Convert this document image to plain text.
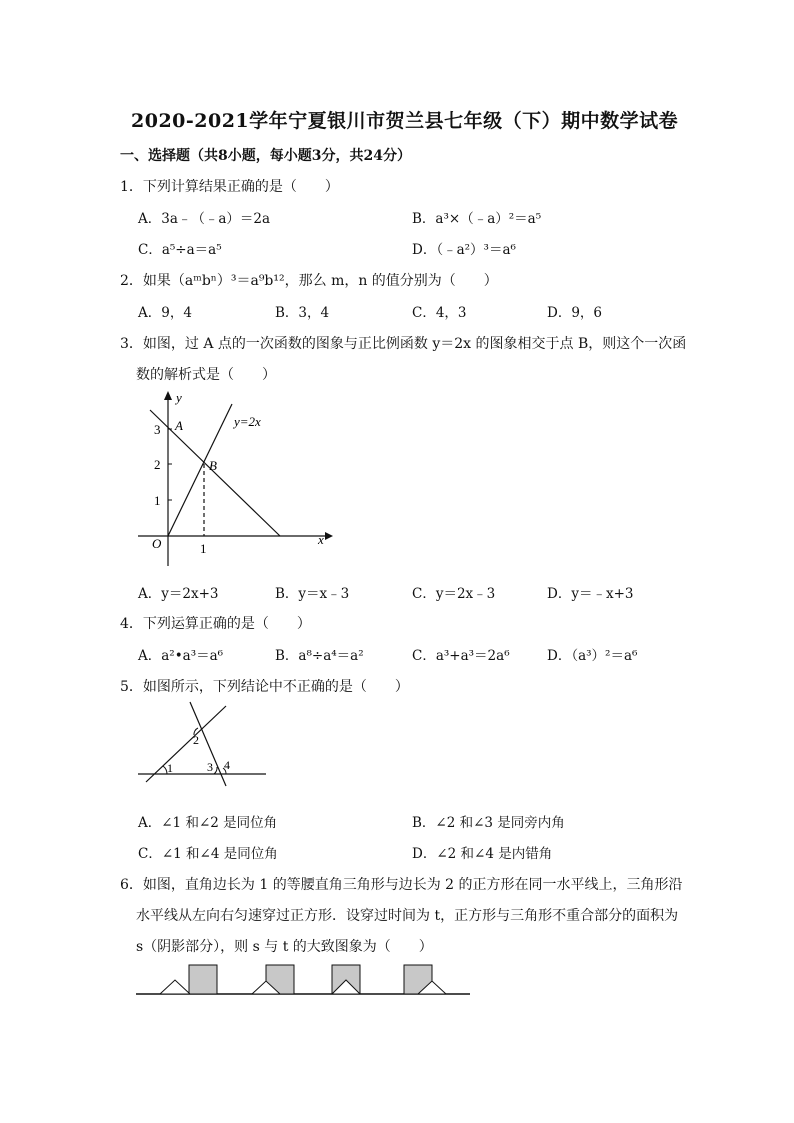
2020-2021学年宁夏银川市贺兰县七年级（下）期中数学试卷
一、选择题（共8小题，每小题3分，共24分）
1．下列计算结果正确的是（　　）
A．3a﹣（﹣a）＝2a	B．a³×（﹣a）²＝a⁵
C．a⁵÷a＝a⁵	D．（﹣a²）³＝a⁶
2．如果（aᵐbⁿ）³＝a⁹b¹²，那么 m，n 的值分别为（　　）
A．9，4	B．3，4	C．4，3	D．9，6
3．如图，过 A 点的一次函数的图象与正比例函数 y＝2x 的图象相交于点 B，则这个一次函
数的解析式是（　　）
y
x
O
y=2x
A
B
1
2
3
1
A．y＝2x+3	B．y＝x﹣3	C．y＝2x﹣3	D．y＝﹣x+3
4．下列运算正确的是（　　）
A．a²•a³＝a⁶	B．a⁸÷a⁴＝a²	C．a³+a³＝2a⁶	D．（a³）²＝a⁶
5．如图所示，下列结论中不正确的是（　　）
1
2
3 4
A．∠1 和∠2 是同位角	B．∠2 和∠3 是同旁内角
C．∠1 和∠4 是同位角	D．∠2 和∠4 是内错角
6．如图，直角边长为 1 的等腰直角三角形与边长为 2 的正方形在同一水平线上，三角形沿
水平线从左向右匀速穿过正方形．设穿过时间为 t，正方形与三角形不重合部分的面积为
s（阴影部分），则 s 与 t 的大致图象为（　　）
